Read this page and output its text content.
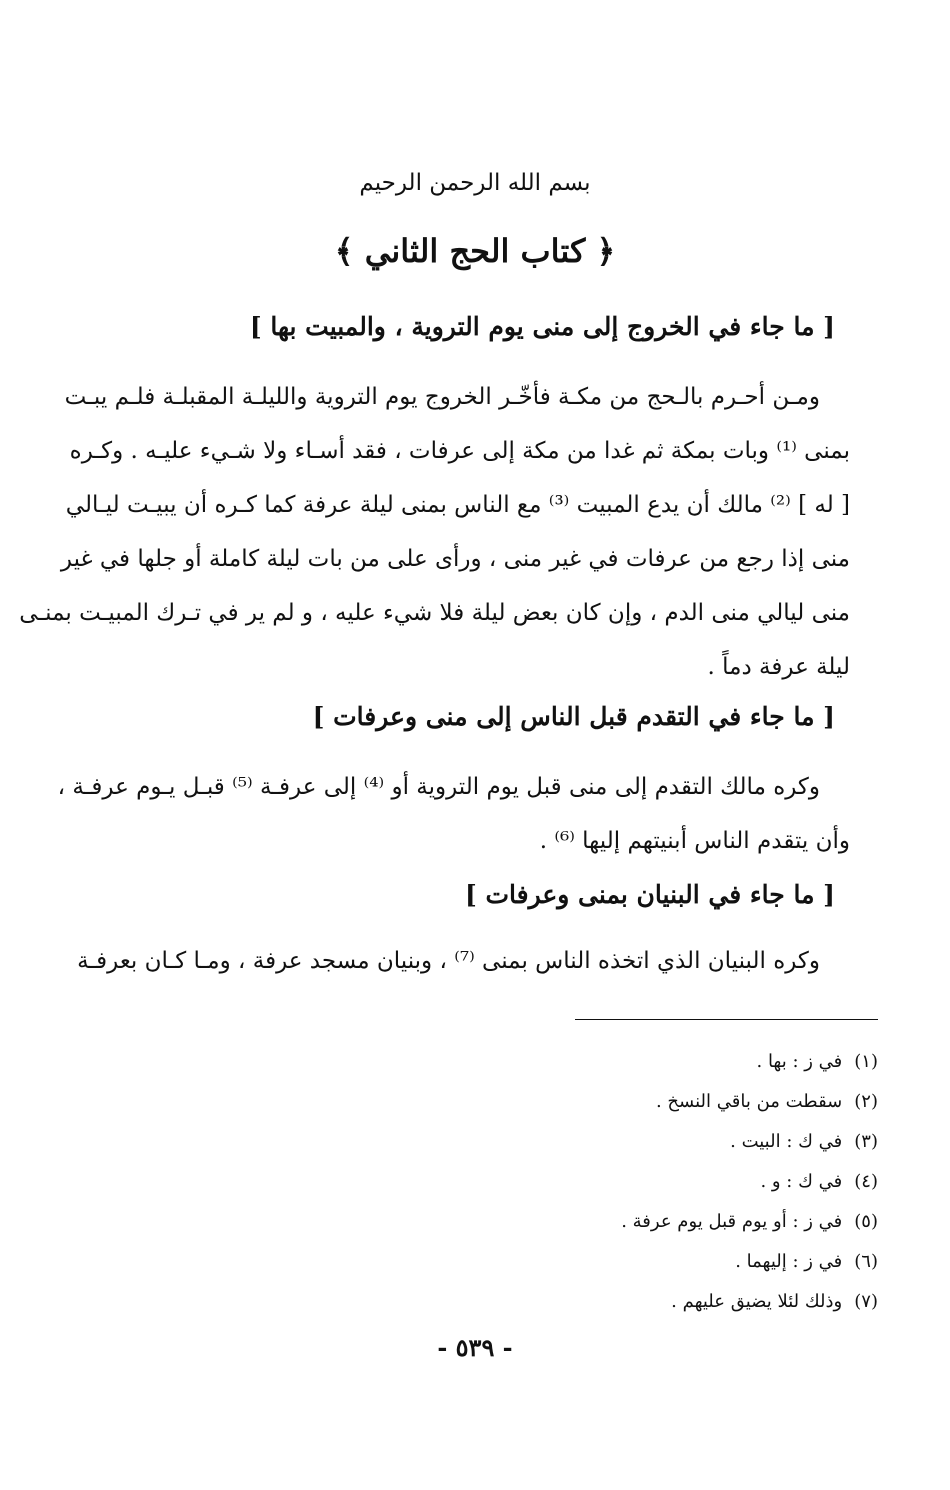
بسم الله الرحمن الرحيم
﴿ كتاب الحج الثاني ﴾
[ ما جاء في الخروج إلى منى يوم التروية ، والمبيت بها ]
ومـن أحـرم بالـحج من مكـة فأخّـر الخروج يوم التروية والليلـة المقبلـة فلـم يبـت
بمنى ⁽¹⁾ وبات بمكة ثم غدا من مكة إلى عرفات ، فقد أسـاء ولا شـيء عليـه . وكـره
[ له ] ⁽²⁾ مالك أن يدع المبيت ⁽³⁾ مع الناس بمنى ليلة عرفة كما كـره أن يبيـت ليـالي
منى إذا رجع من عرفات في غير منى ، ورأى على من بات ليلة كاملة أو جلها في غير
منى ليالي منى الدم ، وإن كان بعض ليلة فلا شيء عليه ، و لم ير في تـرك المبيـت بمنـى
ليلة عرفة دماً .
[ ما جاء في التقدم قبل الناس إلى منى وعرفات ]
وكره مالك التقدم إلى منى قبل يوم التروية أو ⁽⁴⁾ إلى عرفـة ⁽⁵⁾ قبـل يـوم عرفـة ،
وأن يتقدم الناس أبنيتهم إليها ⁽⁶⁾ .
[ ما جاء في البنيان بمنى وعرفات ]
وكره البنيان الذي اتخذه الناس بمنى ⁽⁷⁾ ، وبنيان مسجد عرفة ، ومـا كـان بعرفـة
(١)في ز : بها .
(٢)سقطت من باقي النسخ .
(٣)في ك : البيت .
(٤)في ك : و .
(٥)في ز : أو يوم قبل يوم عرفة .
(٦)في ز : إليهما .
(٧)وذلك لئلا يضيق عليهم .
- ٥٣٩ -
